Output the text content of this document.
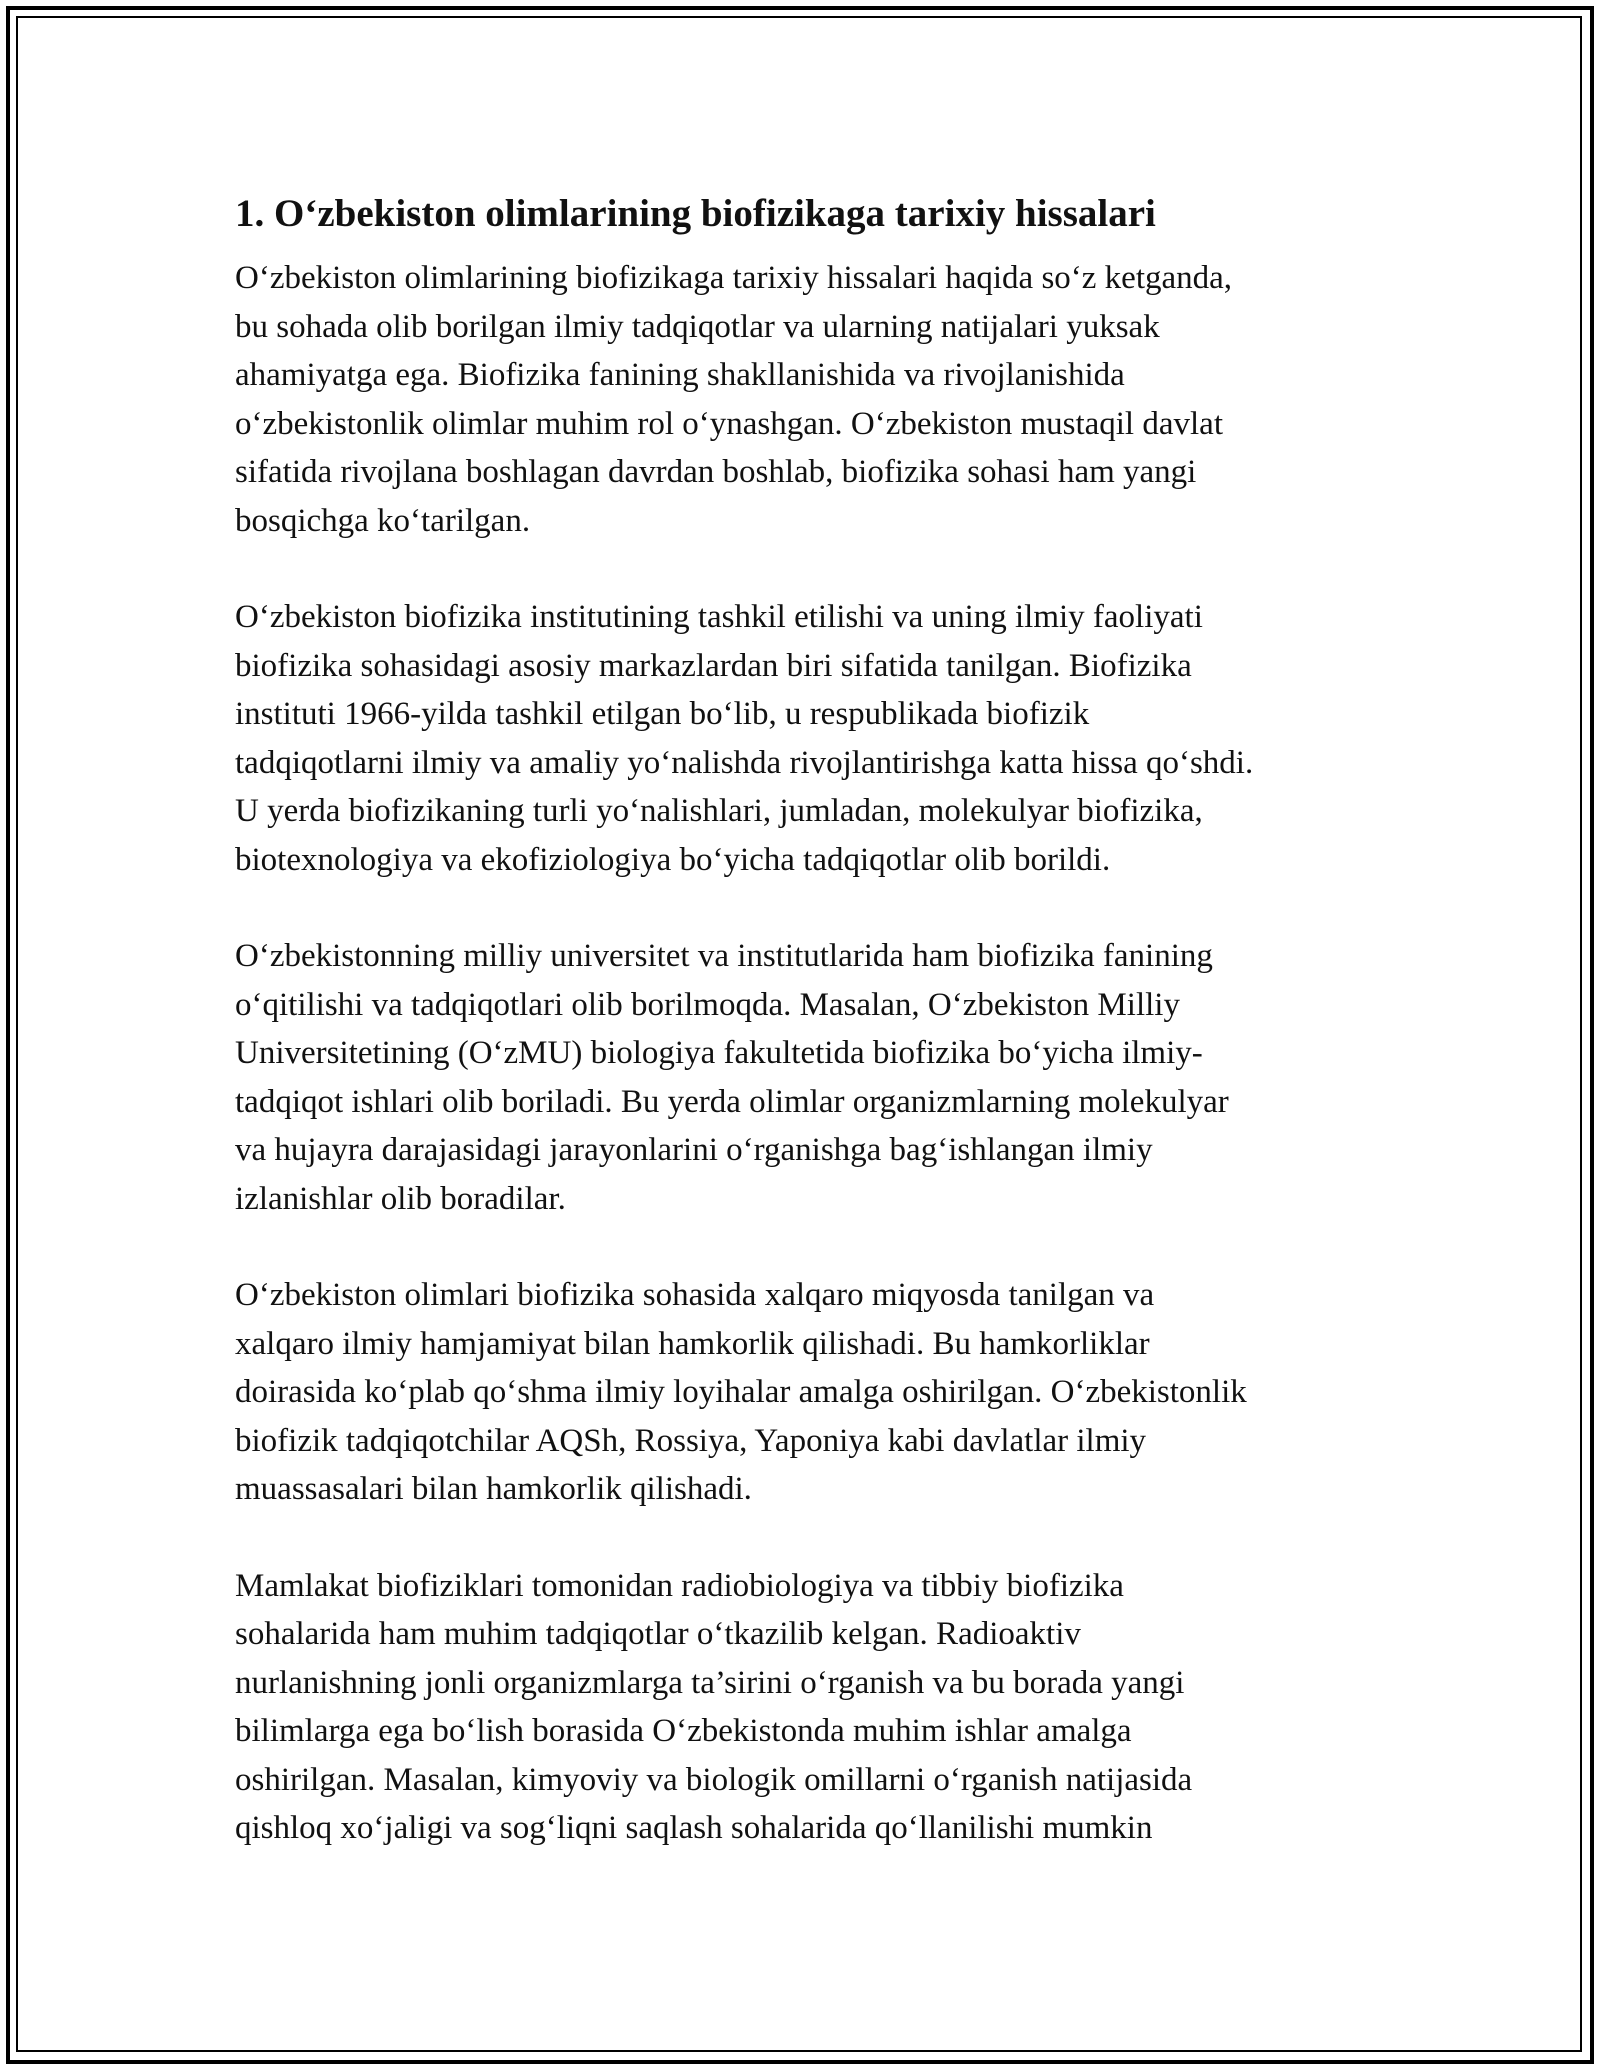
1. O‘zbekiston olimlarining biofizikaga tarixiy hissalari

O‘zbekiston olimlarining biofizikaga tarixiy hissalari haqida so‘z ketganda,
bu sohada olib borilgan ilmiy tadqiqotlar va ularning natijalari yuksak
ahamiyatga ega. Biofizika fanining shakllanishida va rivojlanishida
o‘zbekistonlik olimlar muhim rol o‘ynashgan. O‘zbekiston mustaqil davlat
sifatida rivojlana boshlagan davrdan boshlab, biofizika sohasi ham yangi
bosqichga ko‘tarilgan.

O‘zbekiston biofizika institutining tashkil etilishi va uning ilmiy faoliyati
biofizika sohasidagi asosiy markazlardan biri sifatida tanilgan. Biofizika
instituti 1966-yilda tashkil etilgan bo‘lib, u respublikada biofizik
tadqiqotlarni ilmiy va amaliy yo‘nalishda rivojlantirishga katta hissa qo‘shdi.
U yerda biofizikaning turli yo‘nalishlari, jumladan, molekulyar biofizika,
biotexnologiya va ekofiziologiya bo‘yicha tadqiqotlar olib borildi.

O‘zbekistonning milliy universitet va institutlarida ham biofizika fanining
o‘qitilishi va tadqiqotlari olib borilmoqda. Masalan, O‘zbekiston Milliy
Universitetining (O‘zMU) biologiya fakultetida biofizika bo‘yicha ilmiy-
tadqiqot ishlari olib boriladi. Bu yerda olimlar organizmlarning molekulyar
va hujayra darajasidagi jarayonlarini o‘rganishga bag‘ishlangan ilmiy
izlanishlar olib boradilar.

O‘zbekiston olimlari biofizika sohasida xalqaro miqyosda tanilgan va
xalqaro ilmiy hamjamiyat bilan hamkorlik qilishadi. Bu hamkorliklar
doirasida ko‘plab qo‘shma ilmiy loyihalar amalga oshirilgan. O‘zbekistonlik
biofizik tadqiqotchilar AQSh, Rossiya, Yaponiya kabi davlatlar ilmiy
muassasalari bilan hamkorlik qilishadi.

Mamlakat biofiziklari tomonidan radiobiologiya va tibbiy biofizika
sohalarida ham muhim tadqiqotlar o‘tkazilib kelgan. Radioaktiv
nurlanishning jonli organizmlarga ta’sirini o‘rganish va bu borada yangi
bilimlarga ega bo‘lish borasida O‘zbekistonda muhim ishlar amalga
oshirilgan. Masalan, kimyoviy va biologik omillarni o‘rganish natijasida
qishloq xo‘jaligi va sog‘liqni saqlash sohalarida qo‘llanilishi mumkin
